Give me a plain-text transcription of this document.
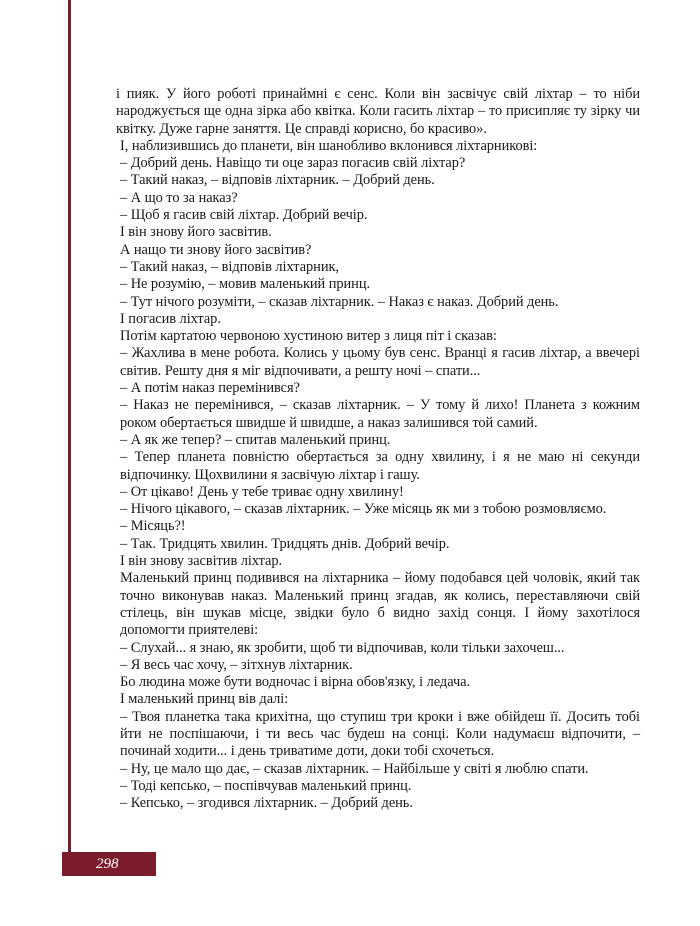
і пияк. У його роботі принаймні є сенс. Коли він засвічує свій ліхтар – то ніби народжується ще одна зірка або квітка. Коли гасить ліхтар – то присипляє ту зірку чи квітку. Дуже гарне заняття. Це справді корисно, бо красиво».

І, наблизившись до планети, він шанобливо вклонився ліхтарникові:

– Добрий день. Навіщо ти оце зараз погасив свій ліхтар?

– Такий наказ, – відповів ліхтарник. – Добрий день.

– А що то за наказ?

– Щоб я гасив свій ліхтар. Добрий вечір.

І він знову його засвітив.

А нащо ти знову його засвітив?

– Такий наказ, – відповів ліхтарник,

– Не розумію, – мовив маленький принц.

– Тут нічого розуміти, – сказав ліхтарник. – Наказ є наказ. Добрий день.

І погасив ліхтар.

Потім картатою червоною хустиною витер з лиця піт і сказав:

– Жахлива в мене робота. Колись у цьому був сенс. Вранці я гасив ліхтар, а ввечері світив. Решту дня я міг відпочивати, а решту ночі – спати...

– А потім наказ перемінився?

– Наказ не перемінився, – сказав ліхтарник. – У тому й лихо! Планета з кожним роком обертається швидше й швидше, а наказ залишився той самий.

– А як же тепер? – спитав маленький принц.

– Тепер планета повністю обертається за одну хвилину, і я не маю ні секунди відпочинку. Щохвилини я засвічую ліхтар і гашу.

– От цікаво! День у тебе триває одну хвилину!

– Нічого цікавого, – сказав ліхтарник. – Уже місяць як ми з тобою розмовляємо.

– Місяць?!

– Так. Тридцять хвилин. Тридцять днів. Добрий вечір.

І він знову засвітив ліхтар.

Маленький принц подивився на ліхтарника – йому подобався цей чоловік, який так точно виконував наказ. Маленький принц згадав, як колись, переставляючи свій стілець, він шукав місце, звідки було б видно захід сонця. І йому захотілося допомогти приятелеві:

– Слухай... я знаю, як зробити, щоб ти відпочивав, коли тільки захочеш...

– Я весь час хочу, – зітхнув ліхтарник.

Бо людина може бути водночас і вірна обов'язку, і ледача.

І маленький принц вів далі:

– Твоя планетка така крихітна, що ступиш три кроки і вже обійдеш її. Досить тобі йти не поспішаючи, і ти весь час будеш на сонці. Коли надумаєш відпочити, – починай ходити... і день триватиме доти, доки тобі схочеться.

– Ну, це мало що дає, – сказав ліхтарник. – Найбільше у світі я люблю спати.

– Тоді кепсько, – поспівчував маленький принц.

– Кепсько, – згодився ліхтарник. – Добрий день.

298
